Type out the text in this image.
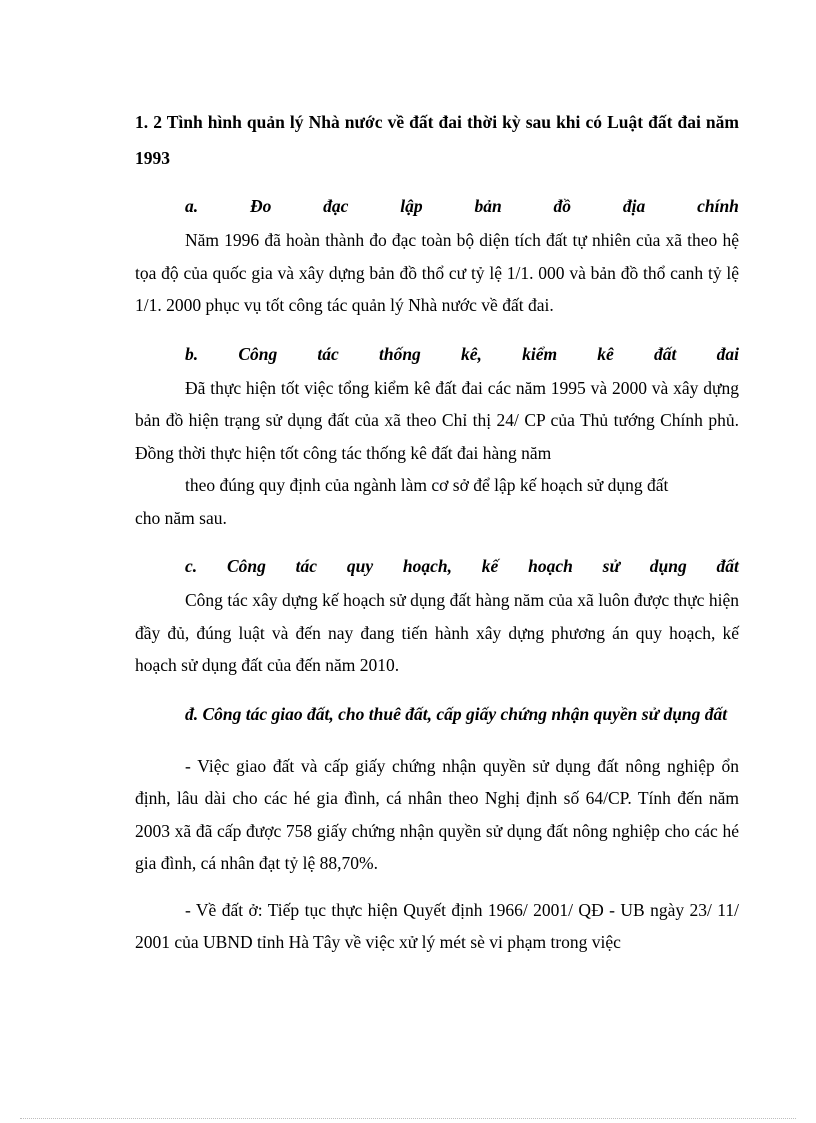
1. 2 Tình hình quản lý Nhà nước về đất đai thời kỳ sau khi có Luật đất đai năm 1993

a.	Đo	đạc	lập	bản	đồ	địa	chính

Năm 1996 đã hoàn thành đo đạc toàn bộ diện tích đất tự nhiên của xã theo hệ tọa độ của quốc gia và xây dựng bản đồ thổ cư tỷ lệ 1/1. 000 và bản đồ thổ canh tỷ lệ 1/1. 2000 phục vụ tốt công tác quản lý Nhà nước về đất đai.

b. Công tác thống kê, kiểm kê đất đai

Đã thực hiện tốt việc tổng kiểm kê đất đai các năm 1995 và 2000 và xây dựng bản đồ hiện trạng sử dụng đất của xã theo Chỉ thị 24/ CP của Thủ tướng Chính phủ. Đồng thời thực hiện tốt công tác thống kê đất đai hàng năm

theo đúng quy định của ngành làm cơ sở để lập kế hoạch sử dụng đất

cho năm sau.

c. Công tác quy hoạch, kế hoạch sử dụng đất

Công tác xây dựng kế hoạch sử dụng đất hàng năm của xã luôn được thực hiện đầy đủ, đúng luật và đến nay đang tiến hành xây dựng phương án quy hoạch, kế hoạch sử dụng đất của đến năm 2010.

đ. Công tác giao đất, cho thuê đất, cấp giấy chứng nhận quyền sử dụng đất

- Việc giao đất và cấp giấy chứng nhận quyền sử dụng đất nông nghiệp ổn định, lâu dài cho các hé gia đình, cá nhân theo Nghị định số 64/CP. Tính đến năm 2003 xã đã cấp được 758 giấy chứng nhận quyền sử dụng đất nông nghiệp cho các hé gia đình, cá nhân đạt tỷ lệ 88,70%.

- Về đất ở: Tiếp tục thực hiện Quyết định 1966/ 2001/ QĐ - UB ngày 23/ 11/ 2001 của UBND tỉnh Hà Tây về việc xử lý mét sè vi phạm trong việc
